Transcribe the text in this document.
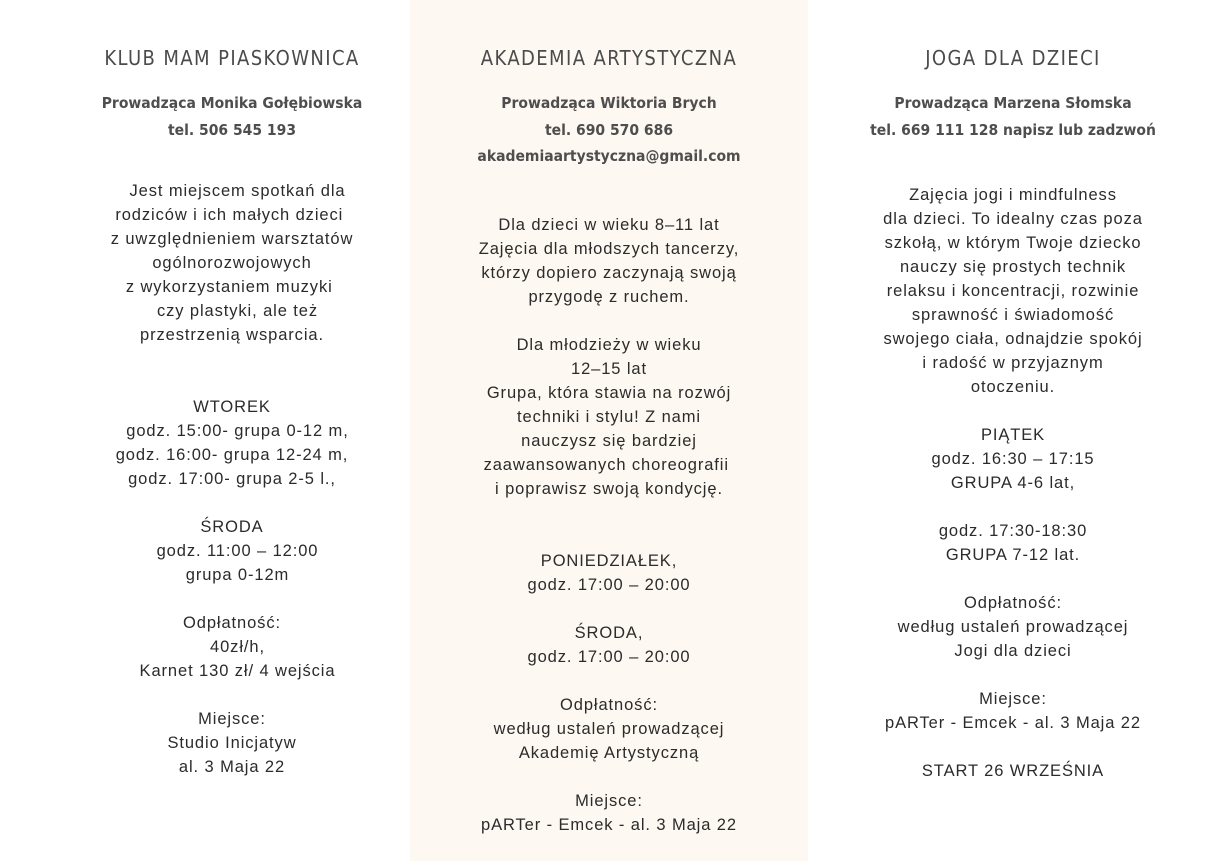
KLUB MAM PIASKOWNICA
Prowadząca Monika Gołębiowska
tel. 506 545 193
Jest miejscem spotkań dla
rodziców i ich małych dzieci
z uwzględnieniem warsztatów
ogólnorozwojowych
z wykorzystaniem muzyki
czy plastyki, ale też
przestrzenią wsparcia.
WTOREK
godz. 15:00- grupa 0-12 m,
godz. 16:00- grupa 12-24 m,
godz. 17:00- grupa 2-5 l.,
ŚRODA
godz. 11:00 – 12:00
grupa 0-12m
Odpłatność:
40zł/h,
Karnet 130 zł/ 4 wejścia
Miejsce:
Studio Inicjatyw
al. 3 Maja 22
AKADEMIA ARTYSTYCZNA
Prowadząca Wiktoria Brych
tel. 690 570 686
akademiaartystyczna@gmail.com
Dla dzieci w wieku 8–11 lat
Zajęcia dla młodszych tancerzy,
którzy dopiero zaczynają swoją
przygodę z ruchem.
Dla młodzieży w wieku
12–15 lat
Grupa, która stawia na rozwój
techniki i stylu! Z nami
nauczysz się bardziej
zaawansowanych choreografii
i poprawisz swoją kondycję.
PONIEDZIAŁEK,
godz. 17:00 – 20:00
ŚRODA,
godz. 17:00 – 20:00
Odpłatność:
według ustaleń prowadzącej
Akademię Artystyczną
Miejsce:
pARTer - Emcek - al. 3 Maja 22
JOGA DLA DZIECI
Prowadząca Marzena Słomska
tel. 669 111 128 napisz lub zadzwoń
Zajęcia jogi i mindfulness
dla dzieci. To idealny czas poza
szkołą, w którym Twoje dziecko
nauczy się prostych technik
relaksu i koncentracji, rozwinie
sprawność i świadomość
swojego ciała, odnajdzie spokój
i radość w przyjaznym
otoczeniu.
PIĄTEK
godz. 16:30 – 17:15
GRUPA 4-6 lat,
godz. 17:30-18:30
GRUPA 7-12 lat.
Odpłatność:
według ustaleń prowadzącej
Jogi dla dzieci
Miejsce:
pARTer - Emcek - al. 3 Maja 22
START 26 WRZEŚNIA
